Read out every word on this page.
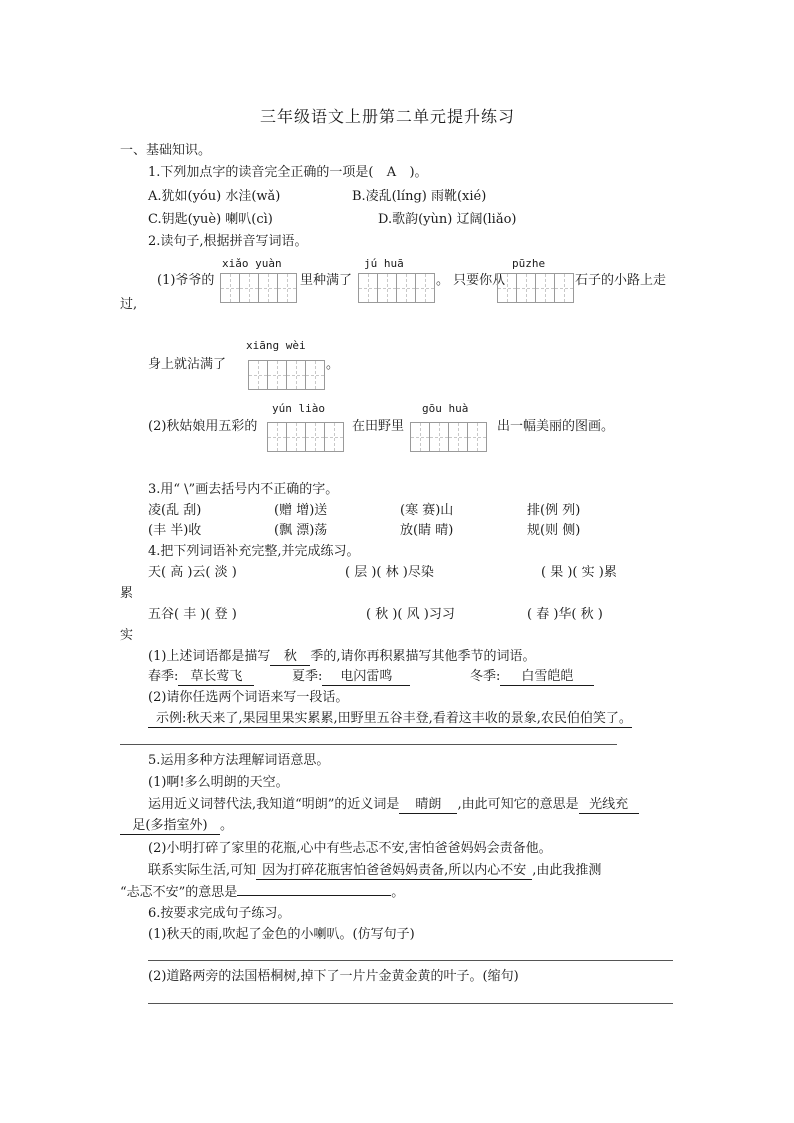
三年级语文上册第二单元提升练习
一、基础知识。
1.下列加点字的读音完全正确的一项是( A )。
A.犹如(yóu) 水洼(wǎ)	B.凌乱(líng) 雨靴(xié)
C.钥匙(yuè) 喇叭(cì)	D.歌韵(yùn) 辽阔(liǎo)
2.读句子,根据拼音写词语。
xiǎo yuàn	jú huā	pūzhe
(1)爷爷的	里种满了	。 只要你从	石子的小路上走
过,
xiāng wèi
身上就沾满了	。
yún liào	gōu huà
(2)秋姑娘用五彩的	在田野里	出一幅美丽的图画。
3.用“ \”画去括号内不正确的字。
凌(乱 刮)	(赠 增)送	(寒 赛)山	排(例 列)
(丰 半)收	(飘 漂)荡	放(睛 晴)	规(则 侧)
4.把下列词语补充完整,并完成练习。
天( 高 )云( 淡 )	( 层 )( 林 )尽染	( 果 )( 实 )累
累
五谷( 丰 )( 登 )	( 秋 )( 风 )习习	( 春 )华( 秋 )
实
(1)上述词语都是描写 秋 季的,请你再积累描写其他季节的词语。
春季: 草长莺飞	夏季: 电闪雷鸣	冬季: 白雪皑皑
(2)请你任选两个词语来写一段话。
示例:秋天来了,果园里果实累累,田野里五谷丰登,看着这丰收的景象,农民伯伯笑了。
5.运用多种方法理解词语意思。
(1)啊!多么明朗的天空。
运用近义词替代法,我知道“明朗”的近义词是 晴朗 ,由此可知它的意思是 光线充
足(多指室外) 。
(2)小明打碎了家里的花瓶,心中有些忐忑不安,害怕爸爸妈妈会责备他。
联系实际生活,可知 因为打碎花瓶害怕爸爸妈妈责备,所以内心不安 ,由此我推测
“忐忑不安”的意思是	。
6.按要求完成句子练习。
(1)秋天的雨,吹起了金色的小喇叭。(仿写句子)
(2)道路两旁的法国梧桐树,掉下了一片片金黄金黄的叶子。(缩句)
